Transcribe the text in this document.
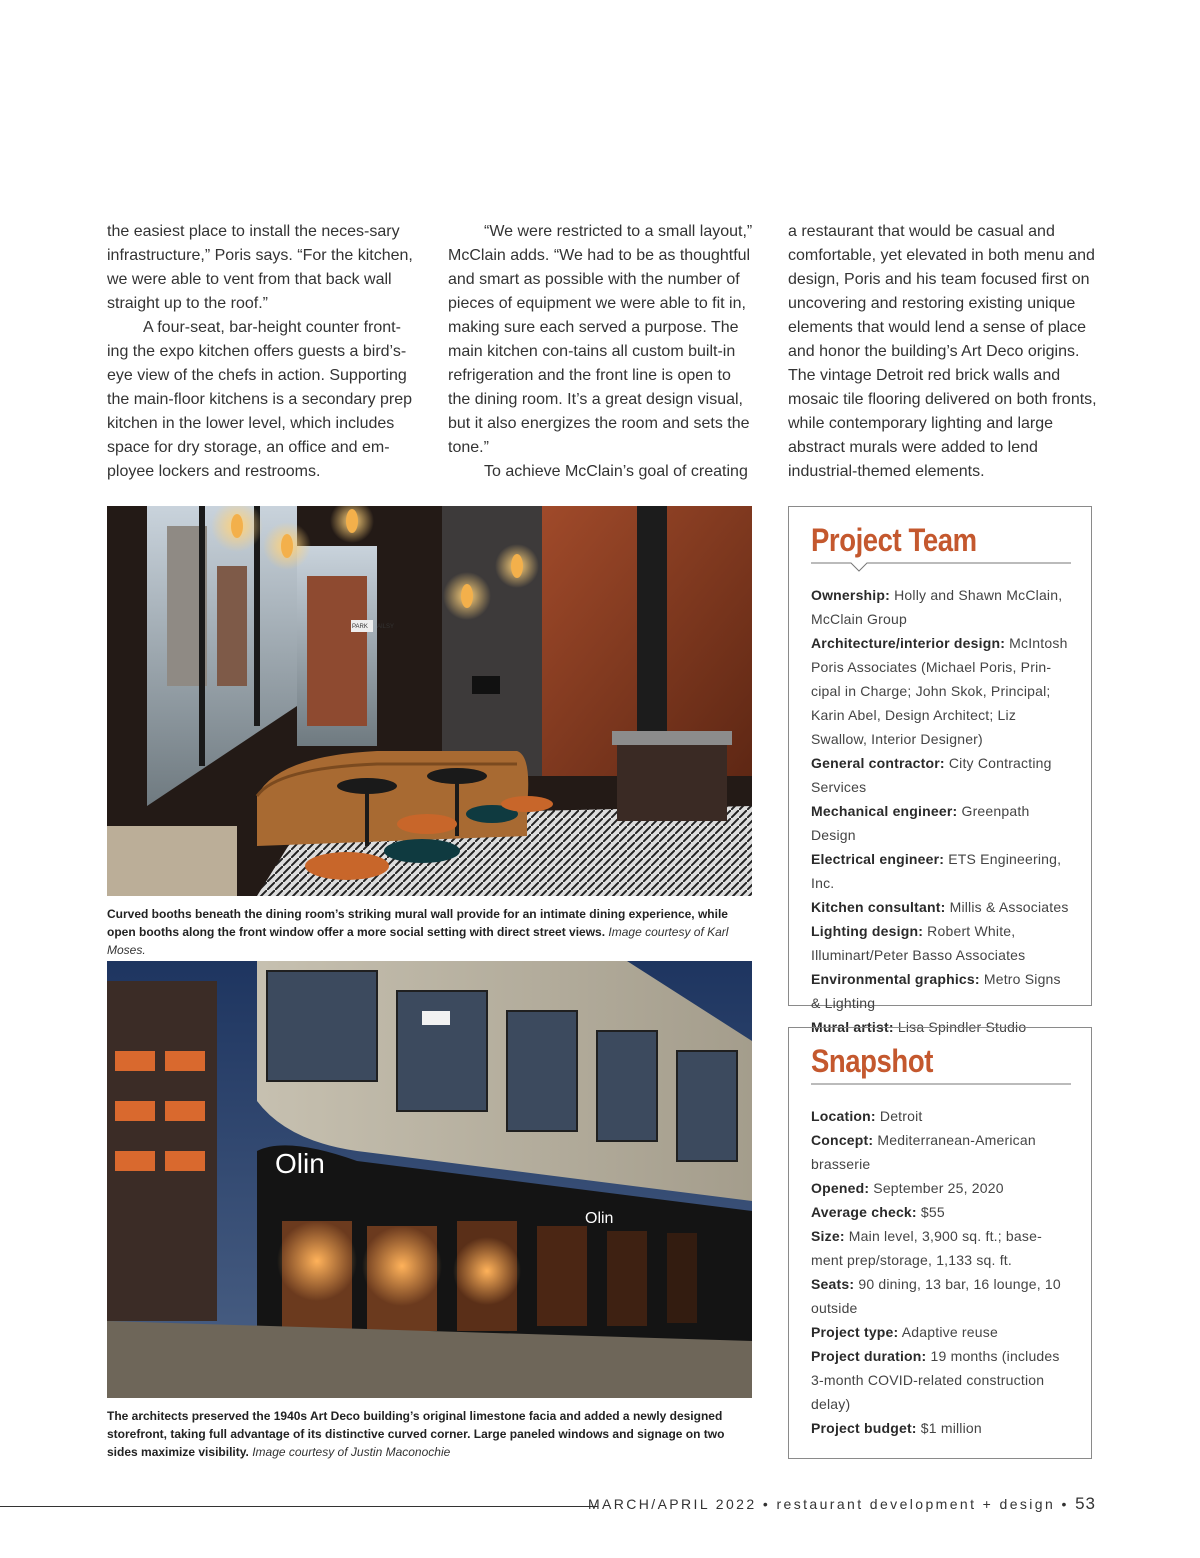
the easiest place to install the neces-sary infrastructure,” Poris says. “For the kitchen, we were able to vent from that back wall straight up to the roof.”

A four-seat, bar-height counter front-ing the expo kitchen offers guests a bird’s-eye view of the chefs in action. Supporting the main-floor kitchens is a secondary prep kitchen in the lower level, which includes space for dry storage, an office and em-ployee lockers and restrooms.

“We were restricted to a small layout,” McClain adds. “We had to be as thoughtful and smart as possible with the number of pieces of equipment we were able to fit in, making sure each served a purpose. The main kitchen con-tains all custom built-in refrigeration and the front line is open to the dining room. It’s a great design visual, but it also energizes the room and sets the tone.”

To achieve McClain’s goal of creating

a restaurant that would be casual and comfortable, yet elevated in both menu and design, Poris and his team focused first on uncovering and restoring existing unique elements that would lend a sense of place and honor the building’s Art Deco origins. The vintage Detroit red brick walls and mosaic tile flooring delivered on both fronts, while contemporary lighting and large abstract murals were added to lend industrial-themed elements.

PARK AILSY
Curved booths beneath the dining room’s striking mural wall provide for an intimate dining experience, while open booths along the front window offer a more social setting with direct street views. Image courtesy of Karl Moses.
Olin
Olin
The architects preserved the 1940s Art Deco building’s original limestone facia and added a newly designed storefront, taking full advantage of its distinctive curved corner. Large paneled windows and signage on two sides maximize visibility. Image courtesy of Justin Maconochie
Project Team
Ownership: Holly and Shawn McClain, McClain Group
Architecture/interior design: McIntosh Poris Associates (Michael Poris, Prin-cipal in Charge; John Skok, Principal; Karin Abel, Design Architect; Liz Swallow, Interior Designer)
General contractor: City Contracting Services
Mechanical engineer: Greenpath Design
Electrical engineer: ETS Engineering, Inc.
Kitchen consultant: Millis & Associates
Lighting design: Robert White, Illuminart/Peter Basso Associates
Environmental graphics: Metro Signs & Lighting
Mural artist: Lisa Spindler Studio
Snapshot
Location: Detroit
Concept: Mediterranean-American brasserie
Opened: September 25, 2020
Average check: $55
Size: Main level, 3,900 sq. ft.; base-ment prep/storage, 1,133 sq. ft.
Seats: 90 dining, 13 bar, 16 lounge, 10 outside
Project type: Adaptive reuse
Project duration: 19 months (includes 3-month COVID-related construction delay)
Project budget: $1 million
MARCH/APRIL 2022 • restaurant development + design • 53
